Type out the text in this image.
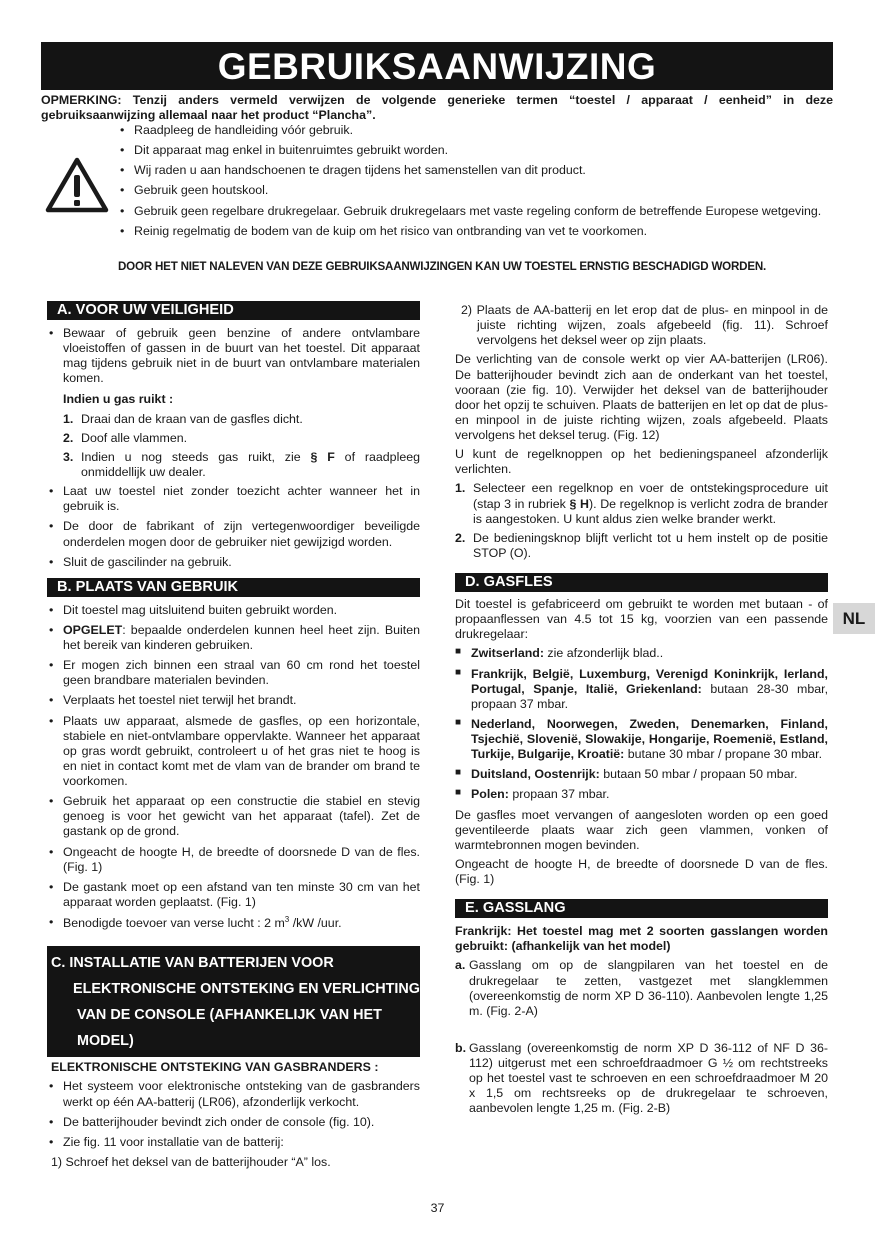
GEBRUIKSAANWIJZING
OPMERKING: Tenzij anders vermeld verwijzen de volgende generieke termen “toestel / apparaat / eenheid” in deze gebruiksaanwijzing allemaal naar het product “Plancha”.
• Raadpleeg de handleiding vóór gebruik.
• Dit apparaat mag enkel in buitenruimtes gebruikt worden.
• Wij raden u aan handschoenen te dragen tijdens het samenstellen van dit product.
• Gebruik geen houtskool.
• Gebruik geen regelbare drukregelaar. Gebruik drukregelaars met vaste regeling conform de betreffende Europese wetgeving.
• Reinig regelmatig de bodem van de kuip om het risico van ontbranding van vet te voorkomen.
DOOR HET NIET NALEVEN VAN DEZE GEBRUIKSAANWIJZINGEN KAN UW TOESTEL ERNSTIG BESCHADIGD WORDEN.
A. VOOR UW VEILIGHEID
• Bewaar of gebruik geen benzine of andere ontvlambare vloeistoffen of gassen in de buurt van het toestel. Dit apparaat mag tijdens gebruik niet in de buurt van ontvlambare materialen komen.
Indien u gas ruikt :
1. Draai dan de kraan van de gasfles dicht.
2. Doof alle vlammen.
3. Indien u nog steeds gas ruikt, zie § F of raadpleeg onmiddellijk uw dealer.
• Laat uw toestel niet zonder toezicht achter wanneer het in gebruik is.
• De door de fabrikant of zijn vertegenwoordiger beveiligde onderdelen mogen door de gebruiker niet gewijzigd worden.
• Sluit de gascilinder na gebruik.
B. PLAATS VAN GEBRUIK
• Dit toestel mag uitsluitend buiten gebruikt worden.
• OPGELET: bepaalde onderdelen kunnen heel heet zijn. Buiten het bereik van kinderen gebruiken.
• Er mogen zich binnen een straal van 60 cm rond het toestel geen brandbare materialen bevinden.
• Verplaats het toestel niet terwijl het brandt.
• Plaats uw apparaat, alsmede de gasfles, op een horizontale, stabiele en niet-ontvlambare oppervlakte. Wanneer het apparaat op gras wordt gebruikt, controleert u of het gras niet te hoog is en niet in contact komt met de vlam van de brander om brand te voorkomen.
• Gebruik het apparaat op een constructie die stabiel en stevig genoeg is voor het gewicht van het apparaat (tafel). Zet de gastank op de grond.
• Ongeacht de hoogte H, de breedte of doorsnede D van de fles. (Fig. 1)
• De gastank moet op een afstand van ten minste 30 cm van het apparaat worden geplaatst. (Fig. 1)
• Benodigde toevoer van verse lucht : 2 $m^3$ /kW /uur.
C. INSTALLATIE VAN BATTERIJEN VOOR
ELEKTRONISCHE ONTSTEKING EN VERLICHTING
VAN DE CONSOLE (AFHANKELIJK VAN HET MODEL)
ELEKTRONISCHE ONTSTEKING VAN GASBRANDERS :
• Het systeem voor elektronische ontsteking van de gasbranders werkt op één AA-batterij (LR06), afzonderlijk verkocht.
• De batterijhouder bevindt zich onder de console (fig. 10).
• Zie fig. 11 voor installatie van de batterij:
1) Schroef het deksel van de batterijhouder “A” los.
2) Plaats de AA-batterij en let erop dat de plus- en minpool in de juiste richting wijzen, zoals afgebeeld (fig. 11). Schroef vervolgens het deksel weer op zijn plaats.

De verlichting van de console werkt op vier AA-batterijen (LR06). De batterijhouder bevindt zich aan de onderkant van het toestel, vooraan (zie fig. 10). Verwijder het deksel van de batterijhouder door het opzij te schuiven. Plaats de batterijen en let op dat de plus- en minpool in de juiste richting wijzen, zoals afgebeeld. Plaats vervolgens het deksel terug. (Fig. 12)

U kunt de regelknoppen op het bedieningspaneel afzonderlijk verlichten.

1. Selecteer een regelknop en voer de ontstekingsprocedure uit (stap 3 in rubriek § H). De regelknop is verlicht zodra de brander is aangestoken. U kunt aldus zien welke brander werkt.
2. De bedieningsknop blijft verlicht tot u hem instelt op de positie STOP (O).
D. GASFLES

Dit toestel is gefabriceerd om gebruikt te worden met butaan - of propaanflessen van 4.5 tot 15 kg, voorzien van een passende drukregelaar:

■ Zwitserland: zie afzonderlijk blad..
■ Frankrijk, België, Luxemburg, Verenigd Koninkrijk, Ierland, Portugal, Spanje, Italië, Griekenland: butaan 28-30 mbar, propaan 37 mbar.
■ Nederland, Noorwegen, Zweden, Denemarken, Finland, Tsjechië, Slovenië, Slowakije, Hongarije, Roemenië, Estland, Turkije, Bulgarije, Kroatië: butane 30 mbar / propane 30 mbar.
■ Duitsland, Oostenrijk: butaan 50 mbar / propaan 50 mbar.
■ Polen: propaan 37 mbar.

De gasfles moet vervangen of aangesloten worden op een goed geventileerde plaats waar zich geen vlammen, vonken of warmtebronnen mogen bevinden.

Ongeacht de hoogte H, de breedte of doorsnede D van de fles. (Fig. 1)

E. GASSLANG

Frankrijk: Het toestel mag met 2 soorten gasslangen worden gebruikt: (afhankelijk van het model)

a. Gasslang om op de slangpilaren van het toestel en de drukregelaar te zetten, vastgezet met slangklemmen (overeenkomstig de norm XP D 36-110). Aanbevolen lengte 1,25 m. (Fig. 2-A)
b. Gasslang (overeenkomstig de norm XP D 36-112 of NF D 36-112) uitgerust met een schroefdraadmoer G ½ om rechtstreeks op het toestel vast te schroeven en een schroefdraadmoer M 20 x 1,5 om rechtsreeks op de drukregelaar te schroeven, aanbevolen lengte 1,25 m. (Fig. 2-B)
NL
37
